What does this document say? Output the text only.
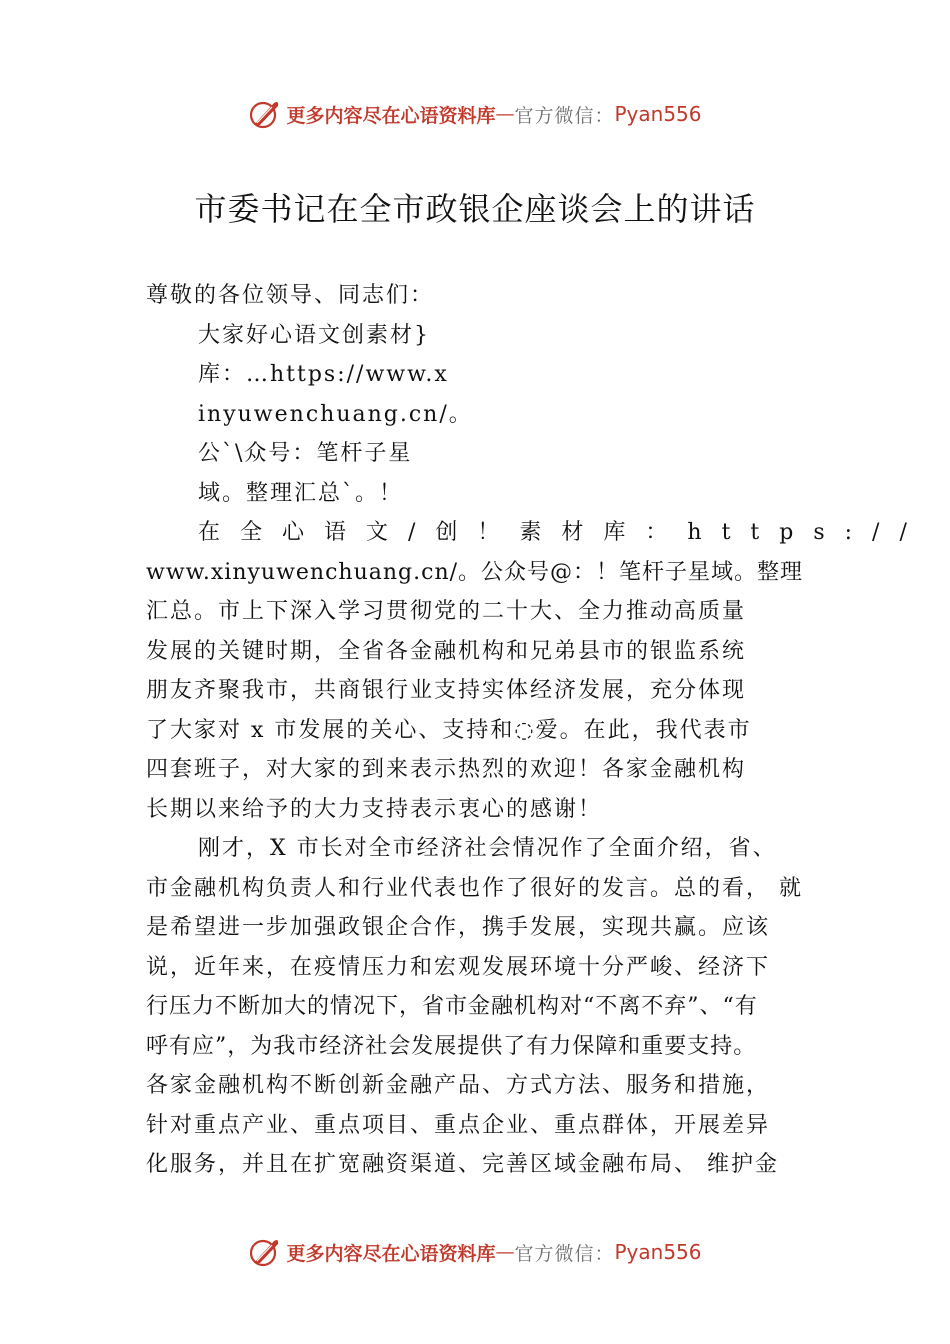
更多内容尽在心语资料库 — 官方微信： Pyan556
市委书记在全市政银企座谈会上的讲话
尊敬的各位领导、同志们：
大家好心语文创素材}
库：…https://www.x
inyuwenchuang.cn/。
公`\众号：笔杆子星
域。整理汇总`。！
在全心语文/创！素材库：https://
www.xinyuwenchuang.cn/。公众号@：！笔杆子星域。整理
汇总。市上下深入学习贯彻党的二十大、全力推动高质量
发展的关键时期，全省各金融机构和兄弟县市的银监系统
朋友齐聚我市，共商银行业支持实体经济发展，充分体现
了大家对 x 市发展的关心、支持和◌爱。在此，我代表市
四套班子，对大家的到来表示热烈的欢迎！各家金融机构
长期以来给予的大力支持表示衷心的感谢！
刚才，X 市长对全市经济社会情况作了全面介绍，省、
市金融机构负责人和行业代表也作了很好的发言。总的看， 就
是希望进一步加强政银企合作，携手发展，实现共赢。应该
说，近年来，在疫情压力和宏观发展环境十分严峻、经济下
行压力不断加大的情况下，省市金融机构对“不离不弃”、“有
呼有应”，为我市经济社会发展提供了有力保障和重要支持。
各家金融机构不断创新金融产品、方式方法、服务和措施，
针对重点产业、重点项目、重点企业、重点群体，开展差异
化服务，并且在扩宽融资渠道、完善区域金融布局、 维护金
更多内容尽在心语资料库 — 官方微信： Pyan556
